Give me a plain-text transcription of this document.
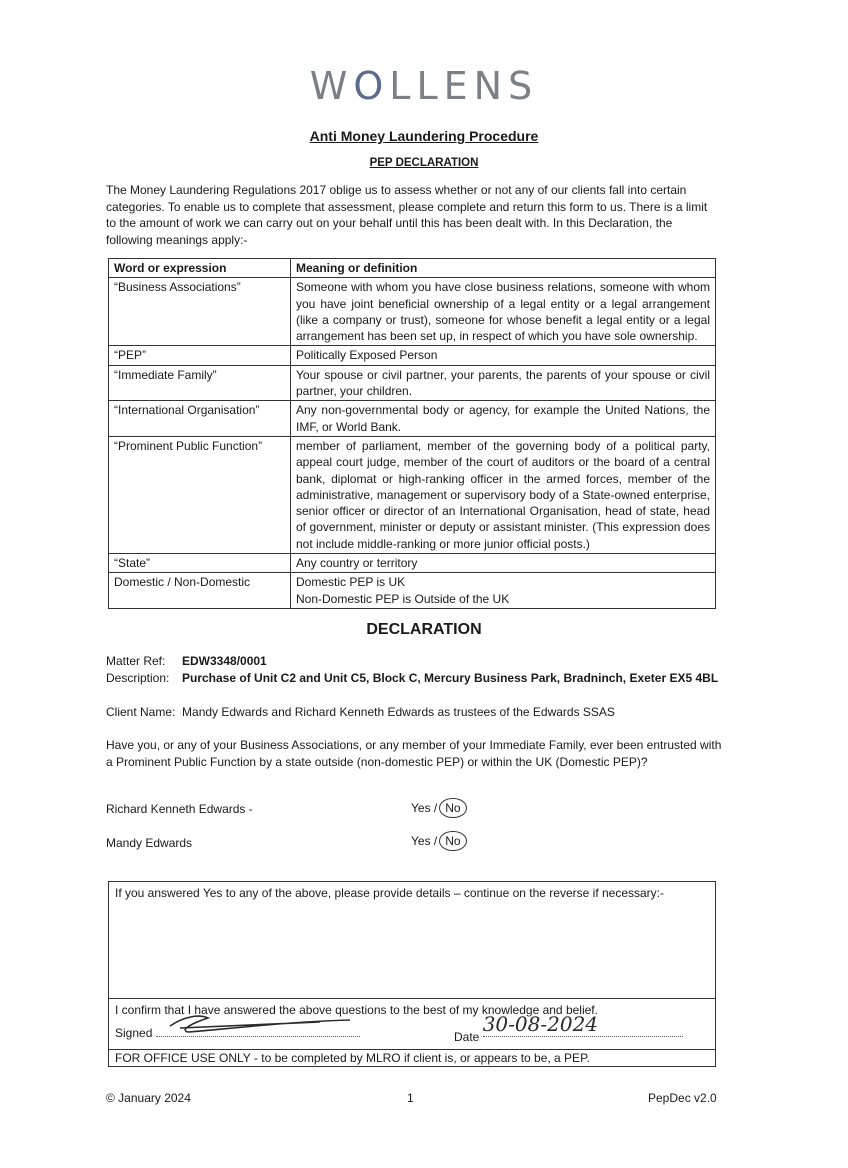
WOLLENS
Anti Money Laundering Procedure
PEP DECLARATION
The Money Laundering Regulations 2017 oblige us to assess whether or not any of our clients fall into certain categories. To enable us to complete that assessment, please complete and return this form to us. There is a limit to the amount of work we can carry out on your behalf until this has been dealt with. In this Declaration, the following meanings apply:-
Word or expression	Meaning or definition
“Business Associations”	Someone with whom you have close business relations, someone with whom you have joint beneficial ownership of a legal entity or a legal arrangement (like a company or trust), someone for whose benefit a legal entity or a legal arrangement has been set up, in respect of which you have sole ownership.
“PEP”	Politically Exposed Person
“Immediate Family”	Your spouse or civil partner, your parents, the parents of your spouse or civil partner, your children.
“International Organisation”	Any non-governmental body or agency, for example the United Nations, the IMF, or World Bank.
“Prominent Public Function”	member of parliament, member of the governing body of a political party, appeal court judge, member of the court of auditors or the board of a central bank, diplomat or high-ranking officer in the armed forces, member of the administrative, management or supervisory body of a State-owned enterprise, senior officer or director of an International Organisation, head of state, head of government, minister or deputy or assistant minister. (This expression does not include middle-ranking or more junior official posts.)
“State”	Any country or territory
Domestic / Non-Domestic	Domestic PEP is UK
Non-Domestic PEP is Outside of the UK
DECLARATION
Matter Ref: EDW3348/0001
Description: Purchase of Unit C2 and Unit C5, Block C, Mercury Business Park, Bradninch, Exeter EX5 4BL
Client Name: Mandy Edwards and Richard Kenneth Edwards as trustees of the Edwards SSAS
Have you, or any of your Business Associations, or any member of your Immediate Family, ever been entrusted with a Prominent Public Function by a state outside (non-domestic PEP) or within the UK (Domestic PEP)?
Richard Kenneth Edwards -	Yes / No
Mandy Edwards	Yes / No
If you answered Yes to any of the above, please provide details – continue on the reverse if necessary:-
I confirm that I have answered the above questions to the best of my knowledge and belief.
Signed	Date 30-08-2024
FOR OFFICE USE ONLY - to be completed by MLRO if client is, or appears to be, a PEP.
© January 2024	1	PepDec v2.0
